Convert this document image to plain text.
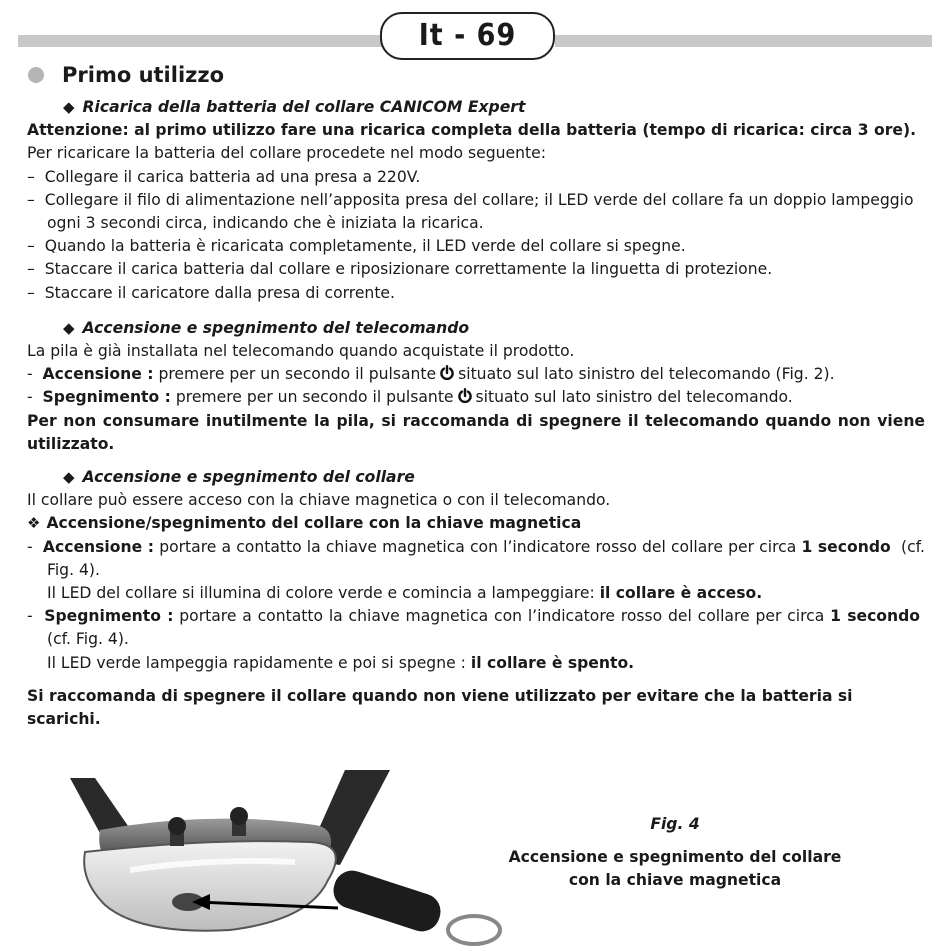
It - 69
Primo utilizzo

◆ Ricarica della batteria del collare CANICOM Expert

Attenzione: al primo utilizzo fare una ricarica completa della batteria (tempo di ricarica: circa 3 ore).

Per ricaricare la batteria del collare procedete nel modo seguente:

–  Collegare il carica batteria ad una presa a 220V.

–  Collegare il filo di alimentazione nell’apposita presa del collare; il LED verde del collare fa un doppio lampeggio ogni 3 secondi circa, indicando che è iniziata la ricarica.

–  Quando la batteria è ricaricata completamente, il LED verde del collare si spegne.

–  Staccare il carica batteria dal collare e riposizionare correttamente la linguetta di protezione.

–  Staccare il caricatore dalla presa di corrente.

◆ Accensione e spegnimento del telecomando

La pila è già installata nel telecomando quando acquistate il prodotto.

-  Accensione : premere per un secondo il pulsante situato sul lato sinistro del telecomando (Fig. 2).

-  Spegnimento : premere per un secondo il pulsante situato sul lato sinistro del telecomando.

Per non consumare inutilmente la pila, si raccomanda di spegnere il telecomando quando non viene utilizzato.

◆ Accensione e spegnimento del collare

Il collare può essere acceso con la chiave magnetica o con il telecomando.

❖ Accensione/spegnimento del collare con la chiave magnetica

-  Accensione : portare a contatto la chiave magnetica con l’indicatore rosso del collare per circa 1 secondo (cf. Fig. 4).

Il LED del collare si illumina di colore verde e comincia a lampeggiare: il collare è acceso.

-  Spegnimento : portare a contatto la chiave magnetica con l’indicatore rosso del collare per circa 1 secondo  (cf. Fig. 4).

Il LED verde lampeggia rapidamente e poi si spegne : il collare è spento.

Si raccomanda di spegnere il collare quando non viene utilizzato per evitare che la batteria si scarichi.

Fig. 4
Accensione e spegnimento del collare
con la chiave magnetica
